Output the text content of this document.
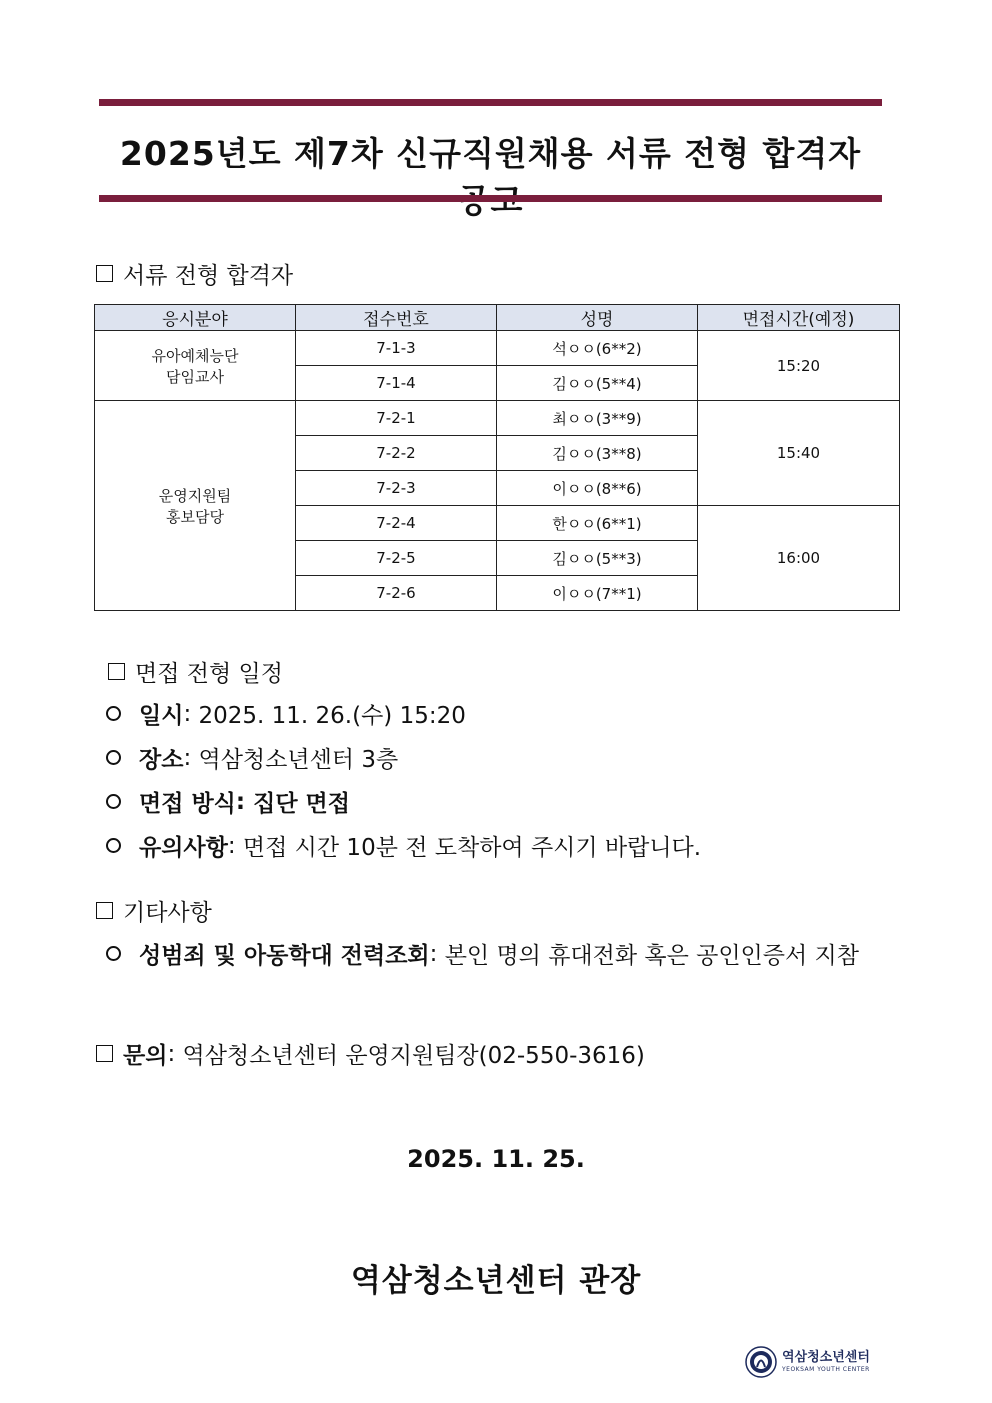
2025년도 제7차 신규직원채용 서류 전형 합격자
서류 전형 합격자
응시분야	접수번호	성명	면접시간(예정)

유아예체능단
담임교사	7-1-3	석ㅇㅇ(6**2)	15:20
	7-1-4	김ㅇㅇ(5**4)	

운영지원팀
홍보담당	7-2-1	최ㅇㅇ(3**9)	15:40
	7-2-2	김ㅇㅇ(3**8)	
	7-2-3	이ㅇㅇ(8**6)	
	7-2-4	한ㅇㅇ(6**1)	16:00
	7-2-5	김ㅇㅇ(5**3)	
	7-2-6	이ㅇㅇ(7**1)	
면접 전형 일정
일시 : 2025. 11. 26.(수) 15:20
장소 : 역삼청소년센터 3층
면접 방식 : 집단 면접
유의사항 : 면접 시간 10분 전 도착하여 주시기 바랍니다.
기타사항
성범죄 및 아동학대 전력조회 : 본인 명의 휴대전화 혹은 공인인증서 지참
문의 : 역삼청소년센터 운영지원팀장(02-550-3616)
2025. 11. 25.
역삼청소년센터 관장
역삼청소년센터
YEOKSAM YOUTH CENTER
